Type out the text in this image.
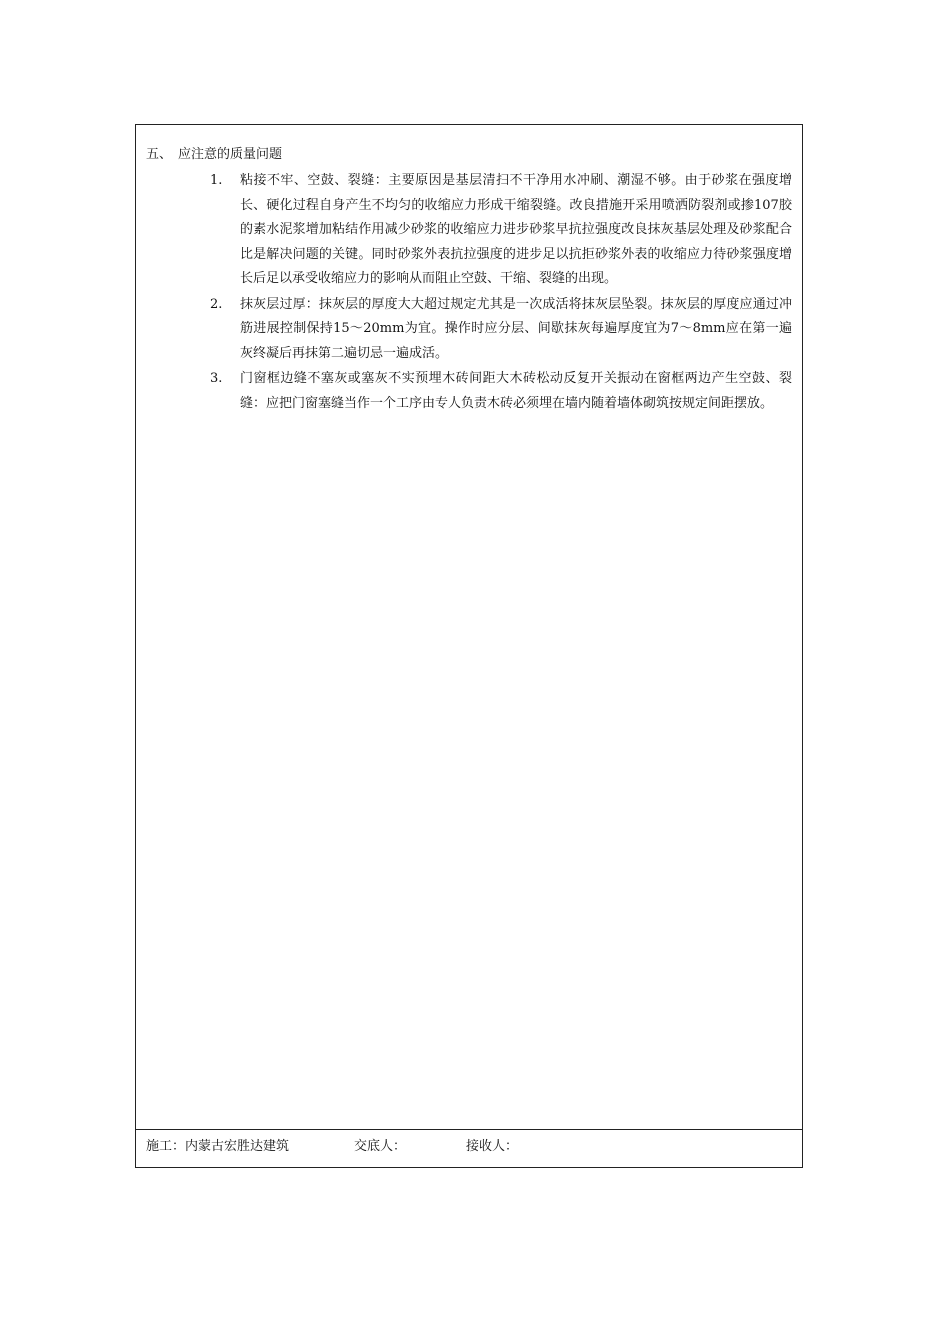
五、 应注意的质量问题
1. 粘接不牢、空鼓、裂缝：主要原因是基层清扫不干净用水冲刷、潮湿不够。由于砂浆在强度增长、硬化过程自身产生不均匀的收缩应力形成干缩裂缝。改良措施开采用喷洒防裂剂或掺107胶的素水泥浆增加粘结作用减少砂浆的收缩应力进步砂浆早抗拉强度改良抹灰基层处理及砂浆配合比是解决问题的关键。同时砂浆外表抗拉强度的进步足以抗拒砂浆外表的收缩应力待砂浆强度增长后足以承受收缩应力的影响从而阻止空鼓、干缩、裂缝的出现。
2. 抹灰层过厚：抹灰层的厚度大大超过规定尤其是一次成活将抹灰层坠裂。抹灰层的厚度应通过冲筋进展控制保持15～20mm为宜。操作时应分层、间歇抹灰每遍厚度宜为7～8mm应在第一遍灰终凝后再抹第二遍切忌一遍成活。
3. 门窗框边缝不塞灰或塞灰不实预埋木砖间距大木砖松动反复开关振动在窗框两边产生空鼓、裂缝：应把门窗塞缝当作一个工序由专人负责木砖必须埋在墙内随着墙体砌筑按规定间距摆放。
施工：内蒙古宏胜达建筑	交底人：	接收人：
